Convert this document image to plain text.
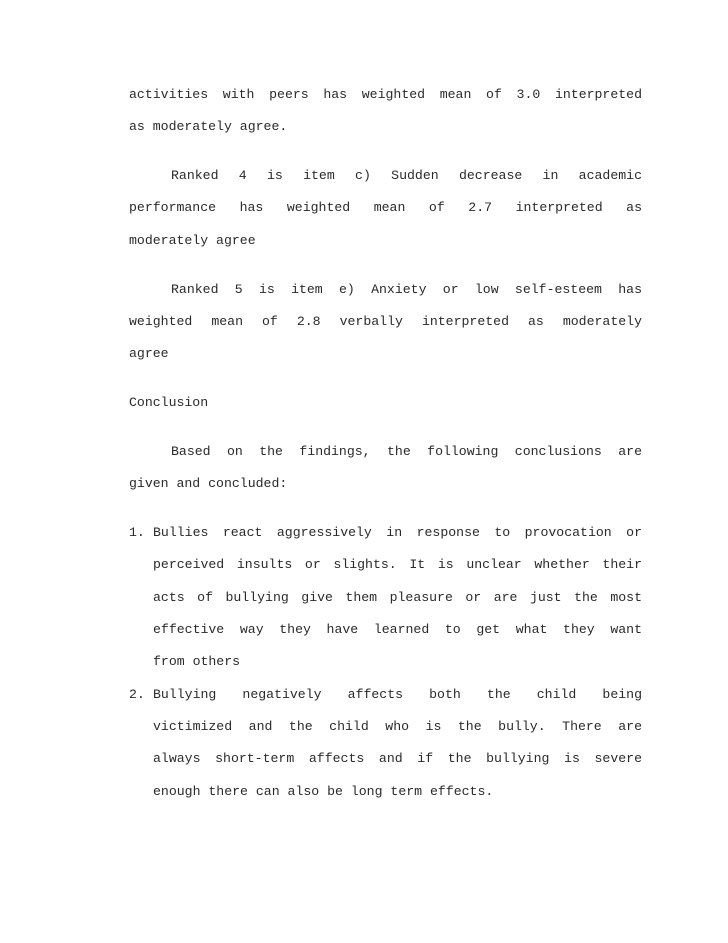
activities with peers has weighted mean of 3.0 interpreted
as moderately agree.
Ranked 4 is item c) Sudden decrease in academic
performance has weighted mean of 2.7 interpreted as
moderately agree
Ranked 5 is item e) Anxiety or low self-esteem has
weighted mean of 2.8 verbally interpreted as moderately
agree
Conclusion
Based on the findings, the following conclusions are
given and concluded:
1. Bullies react aggressively in response to provocation or
perceived insults or slights. It is unclear whether their
acts of bullying give them pleasure or are just the most
effective way they have learned to get what they want
from others
2. Bullying negatively affects both the child being
victimized and the child who is the bully. There are
always short-term affects and if the bullying is severe
enough there can also be long term effects.
